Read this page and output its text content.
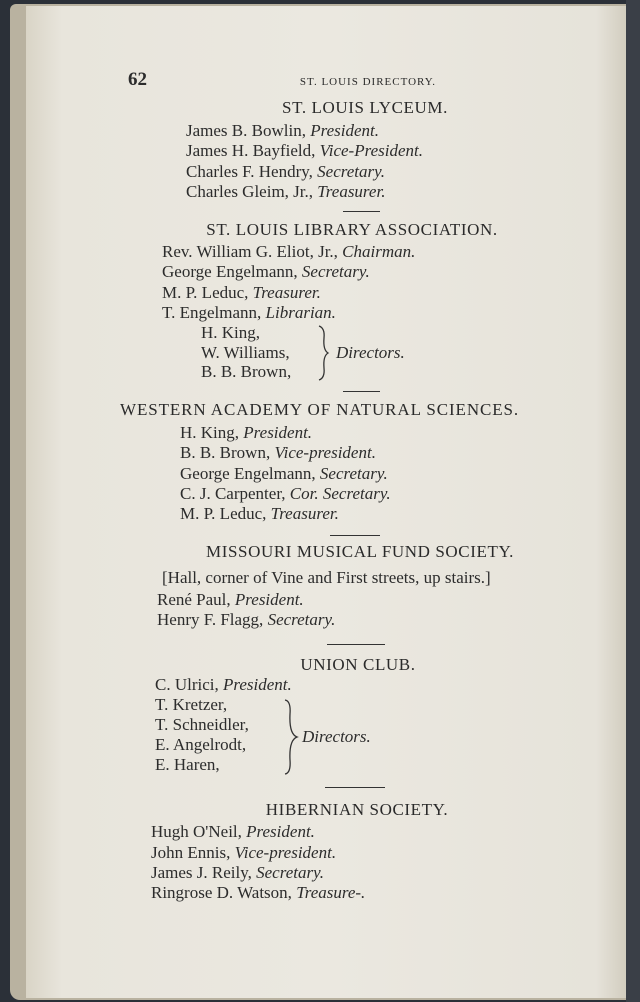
62	ST. LOUIS DIRECTORY.
ST. LOUIS LYCEUM.
James B. Bowlin, President.
James H. Bayfield, Vice-President.
Charles F. Hendry, Secretary.
Charles Gleim, Jr., Treasurer.
ST. LOUIS LIBRARY ASSOCIATION.
Rev. William G. Eliot, Jr., Chairman.
George Engelmann, Secretary.
M. P. Leduc, Treasurer.
T. Engelmann, Librarian.
H. King,
W. Williams,
B. B. Brown,
Directors.
WESTERN ACADEMY OF NATURAL SCIENCES.
H. King, President.
B. B. Brown, Vice-president.
George Engelmann, Secretary.
C. J. Carpenter, Cor. Secretary.
M. P. Leduc, Treasurer.
MISSOURI MUSICAL FUND SOCIETY.
[Hall, corner of Vine and First streets, up stairs.]
René Paul, President.
Henry F. Flagg, Secretary.
UNION CLUB.
C. Ulrici, President.
T. Kretzer,
T. Schneidler,
E. Angelrodt,
E. Haren,
Directors.
HIBERNIAN SOCIETY.
Hugh O'Neil, President.
John Ennis, Vice-president.
James J. Reily, Secretary.
Ringrose D. Watson, Treasure-.
